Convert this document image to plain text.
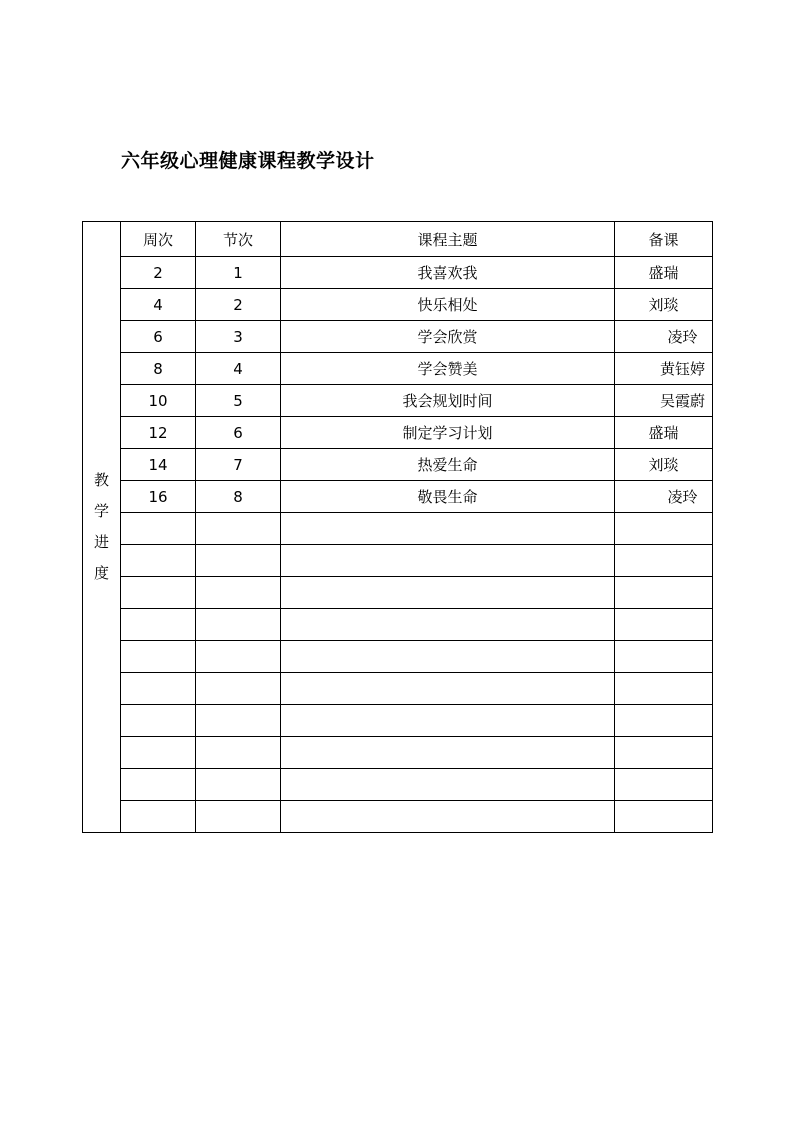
六年级心理健康课程教学设计
教学进度	周次	节次	课程主题	备课
	2	1	我喜欢我	盛瑞
	4	2	快乐相处	刘琰
	6	3	学会欣赏	凌玲
	8	4	学会赞美	黄钰婷
	10	5	我会规划时间	吴霞蔚
	12	6	制定学习计划	盛瑞
	14	7	热爱生命	刘琰
	16	8	敬畏生命	凌玲
